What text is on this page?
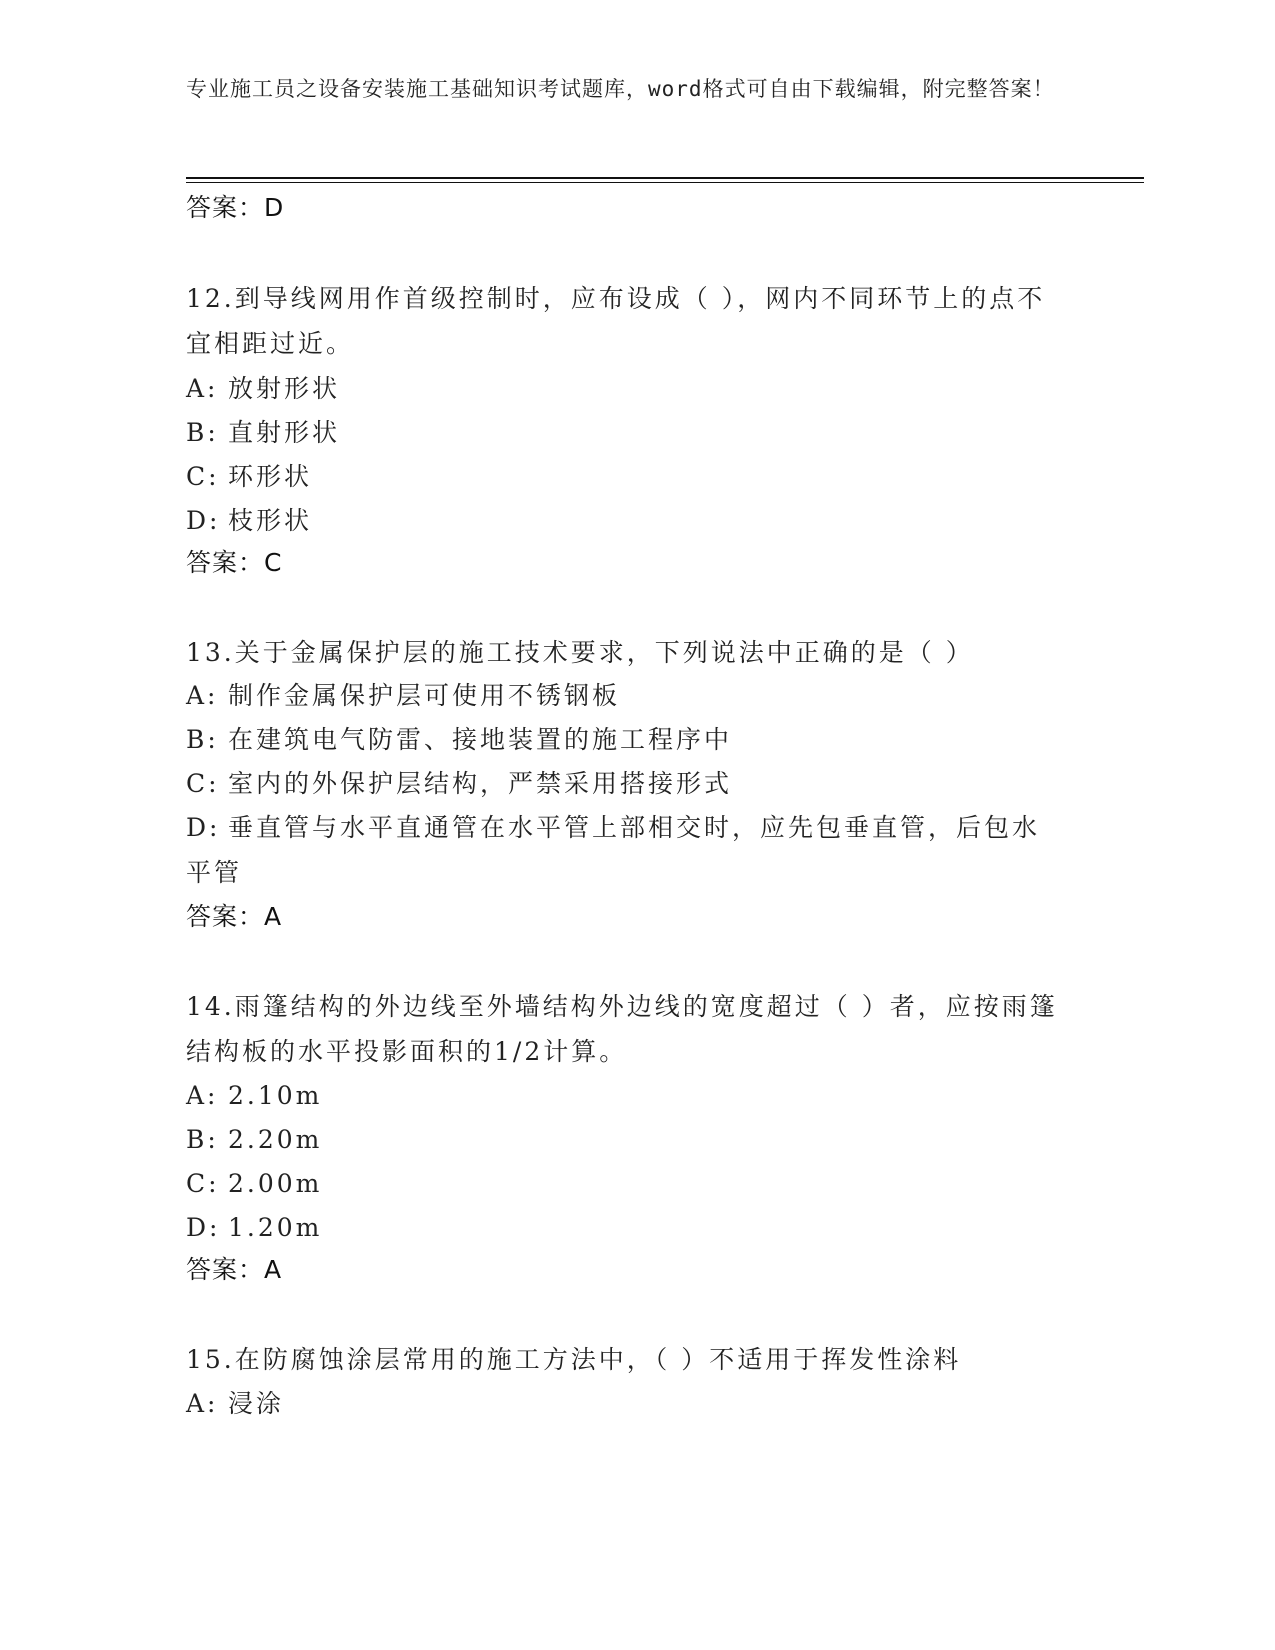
专业施工员之设备安装施工基础知识考试题库，word格式可自由下载编辑，附完整答案！
答案：D
12.到导线网用作首级控制时，应布设成（ ），网内不同环节上的点不宜相距过近。
A: 放射形状
B: 直射形状
C: 环形状
D: 枝形状
答案：C
13.关于金属保护层的施工技术要求，下列说法中正确的是（ ）
A: 制作金属保护层可使用不锈钢板
B: 在建筑电气防雷、接地装置的施工程序中
C: 室内的外保护层结构，严禁采用搭接形式
D: 垂直管与水平直通管在水平管上部相交时，应先包垂直管，后包水平管
答案：A
14.雨篷结构的外边线至外墙结构外边线的宽度超过（ ）者，应按雨篷结构板的水平投影面积的1/2计算。
A: 2.10m
B: 2.20m
C: 2.00m
D: 1.20m
答案：A
15.在防腐蚀涂层常用的施工方法中，（ ）不适用于挥发性涂料
A: 浸涂
